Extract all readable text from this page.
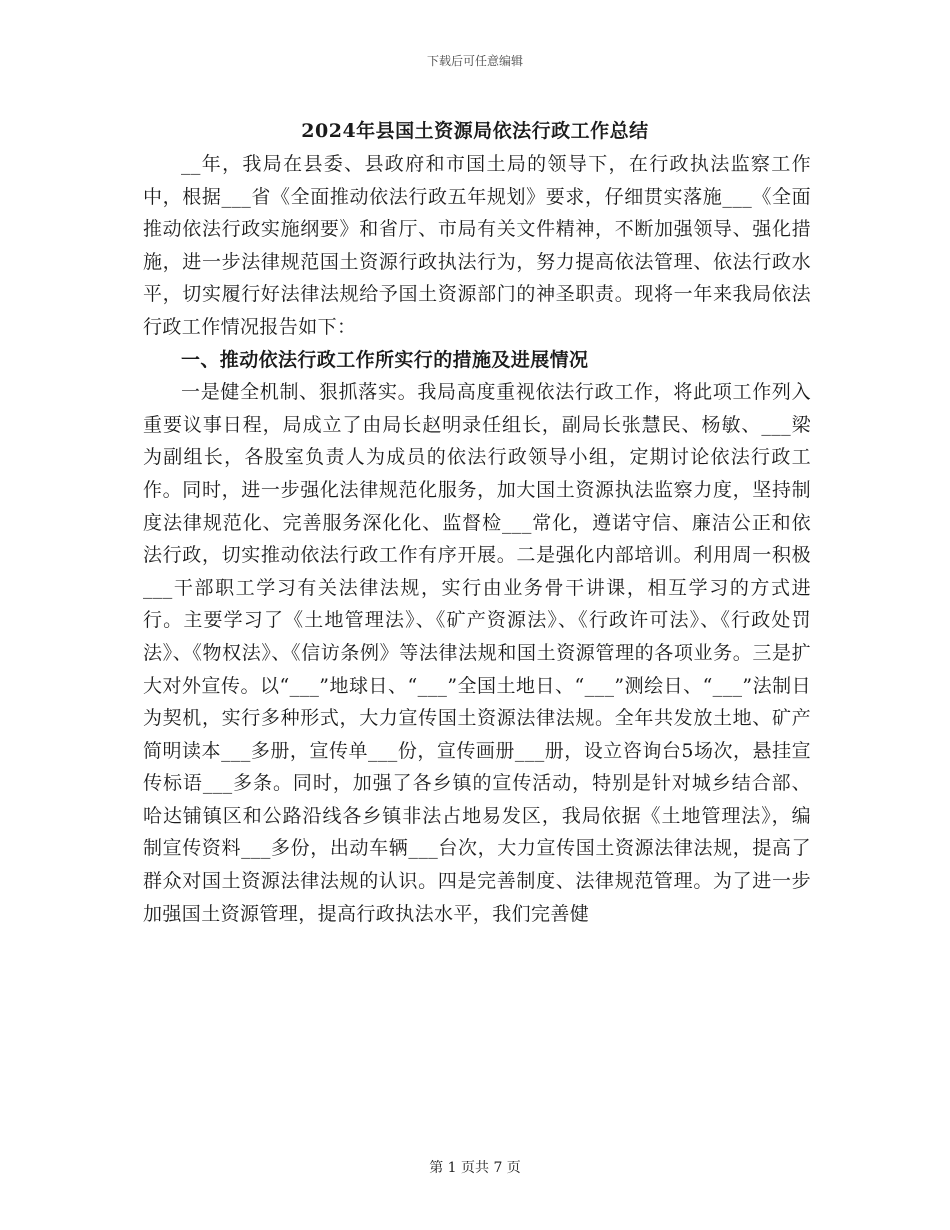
下载后可任意编辑
2024年县国土资源局依法行政工作总结

__年，我局在县委、县政府和市国土局的领导下，在行政执法监察工作中，根据___省《全面推动依法行政五年规划》要求，仔细贯实落施___《全面推动依法行政实施纲要》和省厅、市局有关文件精神，不断加强领导、强化措施，进一步法律规范国土资源行政执法行为，努力提高依法管理、依法行政水平，切实履行好法律法规给予国土资源部门的神圣职责。现将一年来我局依法行政工作情况报告如下：

一、推动依法行政工作所实行的措施及进展情况

一是健全机制、狠抓落实。我局高度重视依法行政工作，将此项工作列入重要议事日程，局成立了由局长赵明录任组长，副局长张慧民、杨敏、___梁为副组长，各股室负责人为成员的依法行政领导小组，定期讨论依法行政工作。同时，进一步强化法律规范化服务，加大国土资源执法监察力度，坚持制度法律规范化、完善服务深化化、监督检___常化，遵诺守信、廉洁公正和依法行政，切实推动依法行政工作有序开展。二是强化内部培训。利用周一积极___干部职工学习有关法律法规，实行由业务骨干讲课，相互学习的方式进行。主要学习了《土地管理法》、《矿产资源法》、《行政许可法》、《行政处罚法》、《物权法》、《信访条例》等法律法规和国土资源管理的各项业务。三是扩大对外宣传。以“___”地球日、“___”全国土地日、“___”测绘日、“___”法制日为契机，实行多种形式，大力宣传国土资源法律法规。全年共发放土地、矿产简明读本___多册，宣传单___份，宣传画册___册，设立咨询台5场次，悬挂宣传标语___多条。同时，加强了各乡镇的宣传活动，特别是针对城乡结合部、哈达铺镇区和公路沿线各乡镇非法占地易发区，我局依据《土地管理法》，编制宣传资料___多份，出动车辆___台次，大力宣传国土资源法律法规，提高了群众对国土资源法律法规的认识。四是完善制度、法律规范管理。为了进一步加强国土资源管理，提高行政执法水平，我们完善健

第 1 页共 7 页
